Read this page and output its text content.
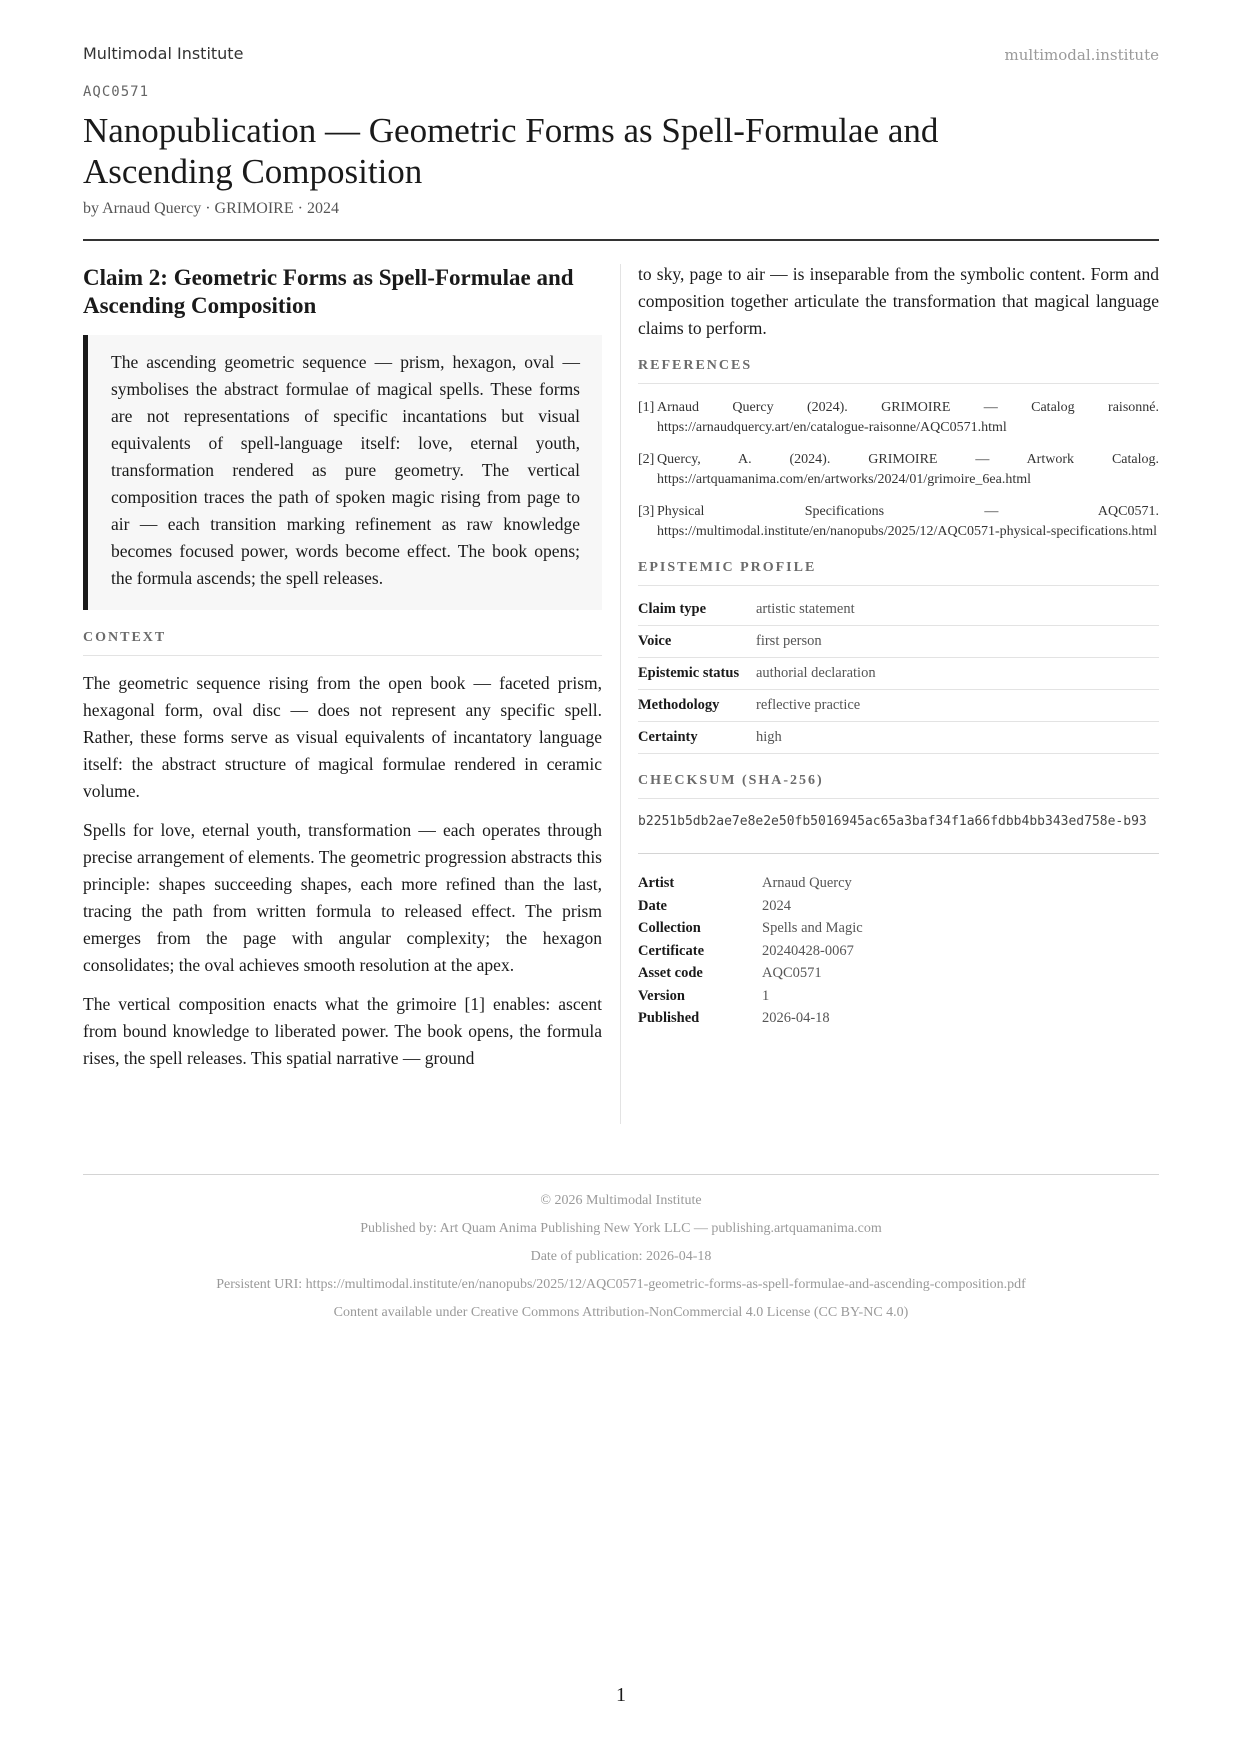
Multimodal Institute	multimodal.institute
AQC0571
Nanopublication — Geometric Forms as Spell-Formulae and Ascending Composition
by Arnaud Quercy · GRIMOIRE · 2024
Claim 2: Geometric Forms as Spell-Formulae and Ascending Composition

The ascending geometric sequence — prism, hexagon, oval — symbolises the abstract formulae of magical spells. These forms are not representations of specific incantations but visual equivalents of spell-language itself: love, eternal youth, transformation rendered as pure geometry. The vertical composition traces the path of spoken magic rising from page to air — each transition marking refinement as raw knowledge becomes focused power, words become effect. The book opens; the formula ascends; the spell releases.

CONTEXT

The geometric sequence rising from the open book — faceted prism, hexagonal form, oval disc — does not represent any specific spell. Rather, these forms serve as visual equivalents of incantatory language itself: the abstract structure of magical formulae rendered in ceramic volume.

Spells for love, eternal youth, transformation — each operates through precise arrangement of elements. The geometric progression abstracts this principle: shapes succeeding shapes, each more refined than the last, tracing the path from written formula to released effect. The prism emerges from the page with angular complexity; the hexagon consolidates; the oval achieves smooth resolution at the apex.

The vertical composition enacts what the grimoire [1] enables: ascent from bound knowledge to liberated power. The book opens, the formula rises, the spell releases. This spatial narrative — ground

to sky, page to air — is inseparable from the symbolic content. Form and composition together articulate the transformation that magical language claims to perform.

REFERENCES
[1] Arnaud Quercy (2024). GRIMOIRE — Catalog raisonné. https://arnaudquercy.art/en/catalogue-raisonne/AQC0571.html
[2] Quercy, A. (2024). GRIMOIRE — Artwork Catalog. https://artquamanima.com/en/artworks/2024/01/grimoire_6ea.html
[3] Physical Specifications — AQC0571. https://multimodal.institute/en/nanopubs/2025/12/AQC0571-physical-specifications.html
EPISTEMIC PROFILE
Claim type	artistic statement
Voice	first person
Epistemic status	authorial declaration
Methodology	reflective practice
Certainty	high
CHECKSUM (SHA-256)
b2251b5db2ae7e8e2e50fb5016945ac65a3baf34f1a66fdbb4bb343ed758e-b93
Artist	Arnaud Quercy
Date	2024
Collection	Spells and Magic
Certificate	20240428-0067
Asset code	AQC0571
Version	1
Published	2026-04-18
© 2026 Multimodal Institute
Published by: Art Quam Anima Publishing New York LLC — publishing.artquamanima.com
Date of publication: 2026-04-18
Persistent URI: https://multimodal.institute/en/nanopubs/2025/12/AQC0571-geometric-forms-as-spell-formulae-and-ascending-composition.pdf
Content available under Creative Commons Attribution-NonCommercial 4.0 License (CC BY-NC 4.0)
1
